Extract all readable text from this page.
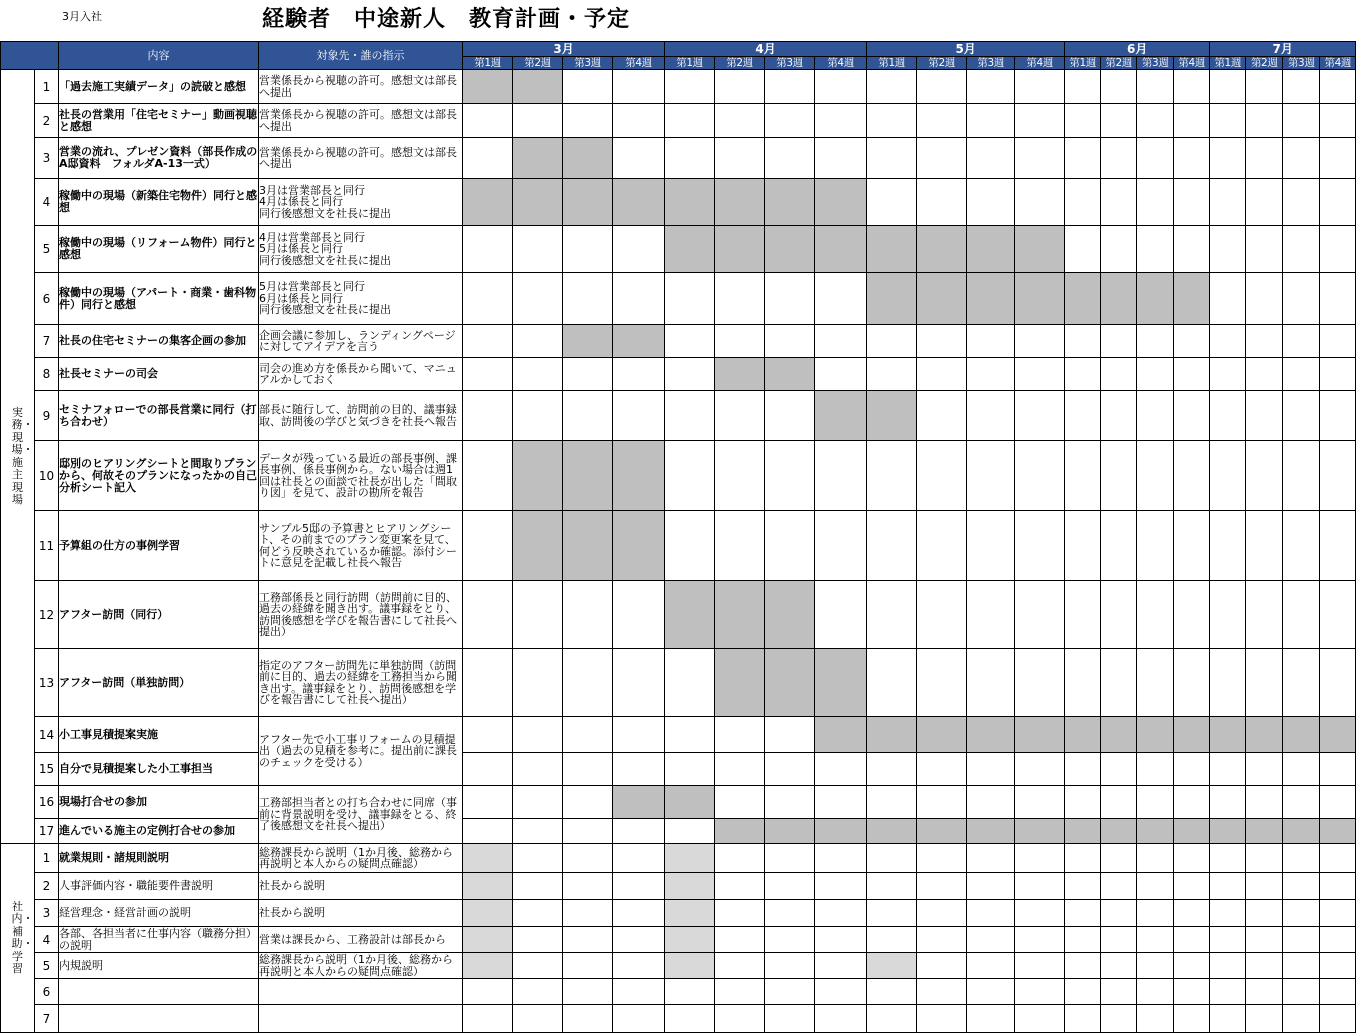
3月入社	経験者　中途新人　教育計画・予定
		内容	対象先・誰の指示	3月				4月				5月				6月				7月			
				第1週	第2週	第3週	第4週	第1週	第2週	第3週	第4週	第1週	第2週	第3週	第4週	第1週	第2週	第3週	第4週	第1週	第2週	第3週	第4週
実務・現場・施主現場	1	「過去施工実績データ」の読破と感想	営業係長から視聴の許可。感想文は部長へ提出																				
	2	社長の営業用「住宅セミナー」動画視聴と感想	営業係長から視聴の許可。感想文は部長へ提出																				
	3	営業の流れ、プレゼン資料（部長作成のA邸資料　フォルダA-13一式）	営業係長から視聴の許可。感想文は部長へ提出																				
	4	稼働中の現場（新築住宅物件）同行と感想	3月は営業部長と同行
4月は係長と同行
同行後感想文を社長に提出																				
	5	稼働中の現場（リフォーム物件）同行と感想	4月は営業部長と同行
5月は係長と同行
同行後感想文を社長に提出																				
	6	稼働中の現場（アパート・商業・歯科物件）同行と感想	5月は営業部長と同行
6月は係長と同行
同行後感想文を社長に提出																				
	7	社長の住宅セミナーの集客企画の参加	企画会議に参加し、ランディングページに対してアイデアを言う																				
	8	社長セミナーの司会	司会の進め方を係長から聞いて、マニュアルかしておく																				
	9	セミナフォローでの部長営業に同行（打ち合わせ）	部長に随行して、訪問前の目的、議事録取、訪問後の学びと気づきを社長へ報告																				
	10	邸別のヒアリングシートと間取りプランから、何故そのプランになったかの自己分析シート記入	データが残っている最近の部長事例、課長事例、係長事例から。ない場合は週1回は社長との面談で社長が出した「間取り図」を見て、設計の勘所を報告																				
	11	予算組の仕方の事例学習	サンプル5邸の予算書とヒアリングシート、その前までのプラン変更案を見て、何どう反映されているか確認。添付シートに意見を記載し社長へ報告																				
	12	アフター訪問（同行）	工務部係長と同行訪問（訪問前に目的、過去の経緯を聞き出す。議事録をとり、訪問後感想を学びを報告書にして社長へ提出）																				
	13	アフター訪問（単独訪問）	指定のアフター訪問先に単独訪問（訪問前に目的、過去の経緯を工務担当から聞き出す。議事録をとり、訪問後感想を学びを報告書にして社長へ提出）																				
	14	小工事見積提案実施	アフター先で小工事リフォームの見積提出（過去の見積を参考に。提出前に課長のチェックを受ける）																				
	15	自分で見積提案した小工事担当																					
	16	現場打合せの参加	工務部担当者との打ち合わせに同席（事前に背景説明を受け、議事録をとる、終了後感想文を社長へ提出）																				
	17	進んでいる施主の定例打合せの参加																					
社内・補助・学習	1	就業規則・諸規則説明	総務課長から説明（1か月後、総務から再説明と本人からの疑問点確認）																				
	2	人事評価内容・職能要件書説明	社長から説明																				
	3	経営理念・経営計画の説明	社長から説明																				
	4	各部、各担当者に仕事内容（職務分担）の説明	営業は課長から、工務設計は部長から																				
	5	内規説明	総務課長から説明（1か月後、総務から再説明と本人からの疑問点確認）																				
	6																						
	7																						
